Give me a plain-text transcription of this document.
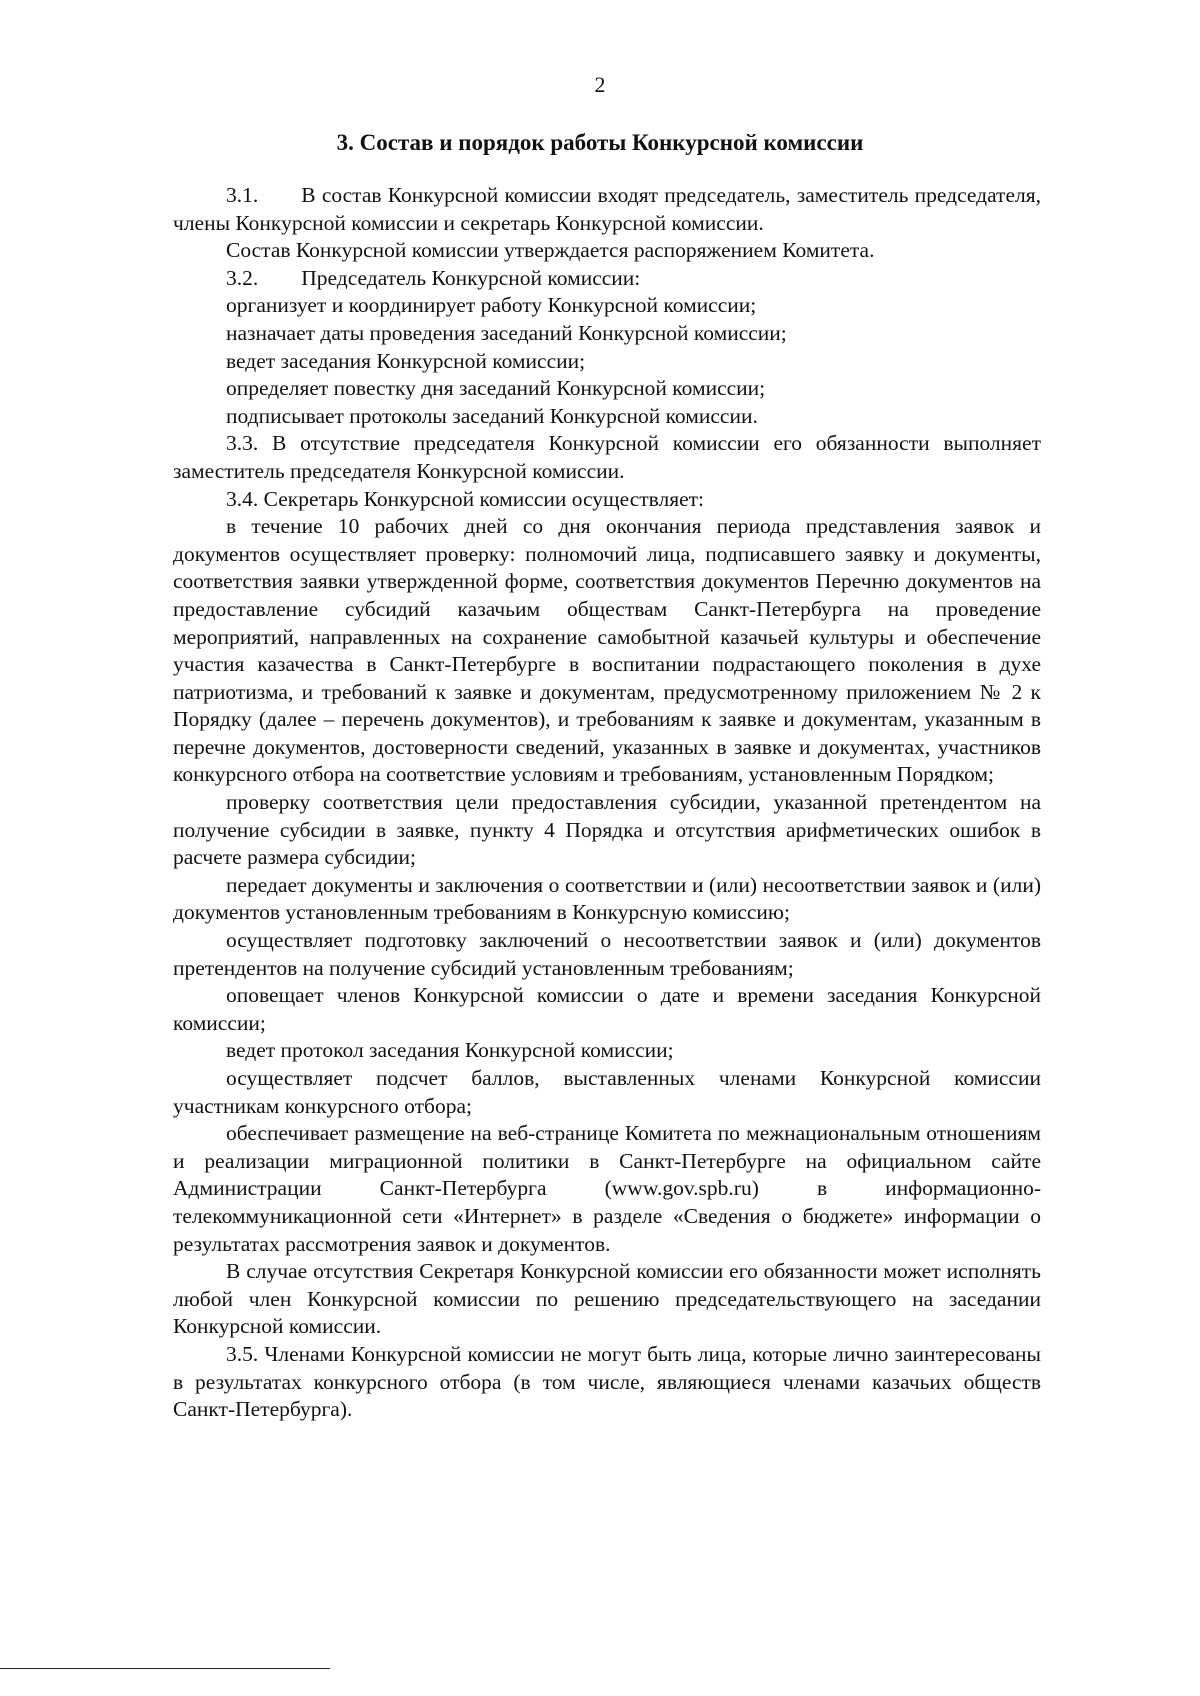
2
3. Состав и порядок работы Конкурсной комиссии

3.1.  В состав Конкурсной комиссии входят председатель, заместитель председателя, члены Конкурсной комиссии и секретарь Конкурсной комиссии.

Состав Конкурсной комиссии утверждается распоряжением Комитета.

3.2.  Председатель Конкурсной комиссии:

организует и координирует работу Конкурсной комиссии;

назначает даты проведения заседаний Конкурсной комиссии;

ведет заседания Конкурсной комиссии;

определяет повестку дня заседаний Конкурсной комиссии;

подписывает протоколы заседаний Конкурсной комиссии.

3.3. В отсутствие председателя Конкурсной комиссии его обязанности выполняет заместитель председателя Конкурсной комиссии.

3.4. Секретарь Конкурсной комиссии осуществляет:

в течение 10 рабочих дней со дня окончания периода представления заявок и документов осуществляет проверку: полномочий лица, подписавшего заявку и документы, соответствия заявки утвержденной форме, соответствия документов Перечню документов на предоставление субсидий казачьим обществам Санкт-Петербурга на проведение мероприятий, направленных на сохранение самобытной казачьей культуры и обеспечение участия казачества в Санкт-Петербурге в воспитании подрастающего поколения в духе патриотизма, и требований к заявке и документам, предусмотренному приложением № 2 к Порядку (далее – перечень документов), и требованиям к заявке и документам, указанным в перечне документов, достоверности сведений, указанных в заявке и документах, участников конкурсного отбора на соответствие условиям и требованиям, установленным Порядком;

проверку соответствия цели предоставления субсидии, указанной претендентом на получение субсидии в заявке, пункту 4 Порядка и отсутствия арифметических ошибок в расчете размера субсидии;

передает документы и заключения о соответствии и (или) несоответствии заявок и (или) документов установленным требованиям в Конкурсную комиссию;

осуществляет подготовку заключений о несоответствии заявок и (или) документов претендентов на получение субсидий установленным требованиям;

оповещает членов Конкурсной комиссии о дате и времени заседания Конкурсной комиссии;

ведет протокол заседания Конкурсной комиссии;

осуществляет подсчет баллов, выставленных членами Конкурсной комиссии участникам конкурсного отбора;

обеспечивает размещение на веб-странице Комитета по межнациональным отношениям и реализации миграционной политики в Санкт-Петербурге на официальном сайте Администрации Санкт-Петербурга (www.gov.spb.ru) в информационно-телекоммуникационной сети «Интернет» в разделе «Сведения о бюджете» информации о результатах рассмотрения заявок и документов.

В случае отсутствия Секретаря Конкурсной комиссии его обязанности может исполнять любой член Конкурсной комиссии по решению председательствующего на заседании Конкурсной комиссии.

3.5. Членами Конкурсной комиссии не могут быть лица, которые лично заинтересованы в результатах конкурсного отбора (в том числе, являющиеся членами казачьих обществ Санкт-Петербурга).
